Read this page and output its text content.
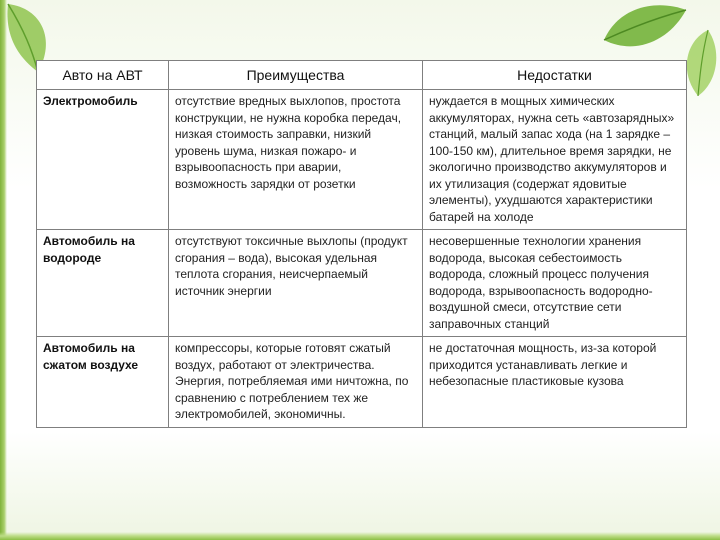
Авто на АВТ	Преимущества	Недостатки
Электромобиль	отсутствие вредных выхлопов, простота конструкции, не нужна коробка передач, низкая стоимость заправки, низкий уровень шума, низкая пожаро- и взрывоопасность при аварии, возможность зарядки от розетки	нуждается в мощных химических аккумуляторах, нужна сеть «автозарядных» станций, малый запас хода (на 1 зарядке – 100-150 км), длительное время зарядки, не экологично производство аккумуляторов и их утилизация (содержат ядовитые элементы), ухудшаются характеристики батарей на холоде
Автомобиль на водороде	отсутствуют токсичные выхлопы (продукт сгорания – вода), высокая удельная теплота сгорания, неисчерпаемый источник энергии	несовершенные технологии хранения водорода, высокая себестоимость водорода, сложный процесс получения водорода, взрывоопасность водородно-воздушной смеси, отсутствие сети заправочных станций
Автомобиль на сжатом воздухе	компрессоры, которые готовят сжатый воздух, работают от электричества. Энергия, потребляемая ими ничтожна, по сравнению с потреблением тех же электромобилей, экономичны.	не достаточная мощность, из-за которой приходится устанавливать легкие и небезопасные пластиковые кузова
